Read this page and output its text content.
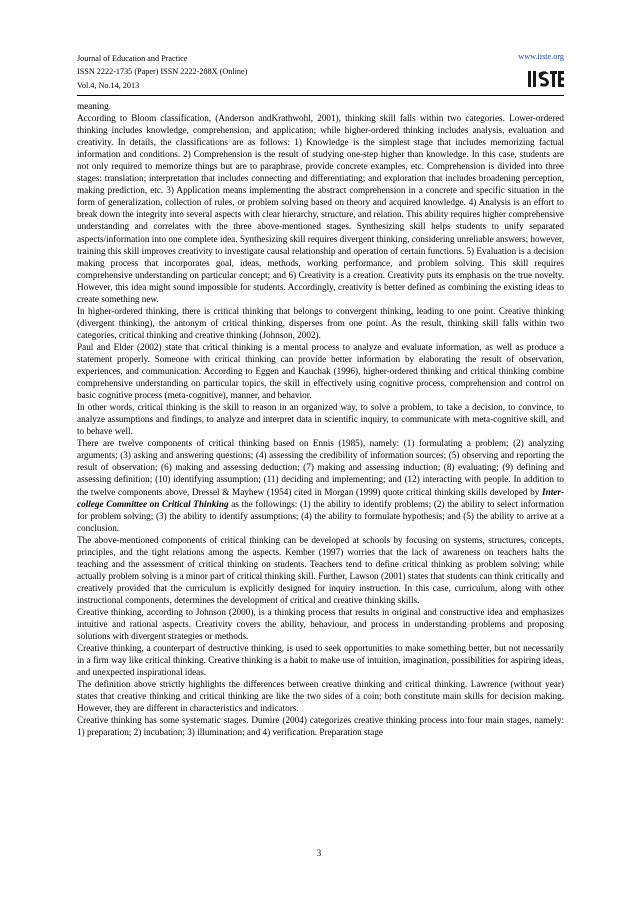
Journal of Education and Practice
ISSN 2222-1735 (Paper) ISSN 2222-288X (Online)
Vol.4, No.14, 2013
www.iiste.org

meaning.

According to Bloom classification, (Anderson andKrathwohl, 2001), thinking skill falls within two categories. Lower-ordered thinking includes knowledge, comprehension, and application; while higher-ordered thinking includes analysis, evaluation and creativity. In details, the classifications are as follows: 1) Knowledge is the simplest stage that includes memorizing factual information and conditions. 2) Comprehension is the result of studying one-step higher than knowledge. In this case, students are not only required to memorize things but are to paraphrase, provide concrete examples, etc. Comprehension is divided into three stages: translation; interpretation that includes connecting and differentiating; and exploration that includes broadening perception, making prediction, etc. 3) Application means implementing the abstract comprehension in a concrete and specific situation in the form of generalization, collection of rules, or problem solving based on theory and acquired knowledge. 4) Analysis is an effort to break down the integrity into several aspects with clear hierarchy, structure, and relation. This ability requires higher comprehensive understanding and correlates with the three above-mentioned stages. Synthesizing skill helps students to unify separated aspects/information into one complete idea. Synthesizing skill requires divergent thinking, considering unreliable answers; however, training this skill improves creativity to investigate causal relationship and operation of certain functions. 5) Evaluation is a decision making process that incorporates goal, ideas, methods, working performance, and problem solving. This skill requires comprehensive understanding on particular concept; and 6) Creativity is a creation. Creativity puts its emphasis on the true novelty. However, this idea might sound impossible for students. Accordingly, creativity is better defined as combining the existing ideas to create something new.

In higher-ordered thinking, there is critical thinking that belongs to convergent thinking, leading to one point. Creative thinking (divergent thinking), the antonym of critical thinking, disperses from one point. As the result, thinking skill falls within two categories, critical thinking and creative thinking (Johnson, 2002).

Paul and Elder (2002) state that critical thinking is a mental process to analyze and evaluate information, as well as produce a statement properly. Someone with critical thinking can provide better information by elaborating the result of observation, experiences, and communication. According to Eggen and Kauchak (1996), higher-ordered thinking and critical thinking combine comprehensive understanding on particular topics, the skill in effectively using cognitive process, comprehension and control on basic cognitive process (meta-cognitive), manner, and behavior.

In other words, critical thinking is the skill to reason in an organized way, to solve a problem, to take a decision, to convince, to analyze assumptions and findings, to analyze and interpret data in scientific inquiry, to communicate with meta-cognitive skill, and to behave well.

There are twelve components of critical thinking based on Ennis (1985), namely: (1) formulating a problem; (2) analyzing arguments; (3) asking and answering questions; (4) assessing the credibility of information sources; (5) observing and reporting the result of observation; (6) making and assessing deduction; (7) making and assessing induction; (8) evaluating; (9) defining and assessing definition; (10) identifying assumption; (11) deciding and implementing; and (12) interacting with people. In addition to the twelve components above, Dressel & Mayhew (1954) cited in Morgan (1999) quote critical thinking skills developed by Inter-college Committee on Critical Thinking as the followings: (1) the ability to identify problems; (2) the ability to select information for problem solving; (3) the ability to identify assumptions; (4) the ability to formulate hypothesis; and (5) the ability to arrive at a conclusion.

The above-mentioned components of critical thinking can be developed at schools by focusing on systems, structures, concepts, principles, and the tight relations among the aspects. Kember (1997) worries that the lack of awareness on teachers halts the teaching and the assessment of critical thinking on students. Teachers tend to define critical thinking as problem solving; while actually problem solving is a minor part of critical thinking skill. Further, Lawson (2001) states that students can think critically and creatively provided that the curriculum is explicitly designed for inquiry instruction. In this case, curriculum, along with other instructional components, determines the development of critical and creative thinking skills.

Creative thinking, according to Johnson (2000), is a thinking process that results in original and constructive idea and emphasizes intuitive and rational aspects. Creativity covers the ability, behaviour, and process in understanding problems and proposing solutions with divergent strategies or methods.

Creative thinking, a counterpart of destructive thinking, is used to seek opportunities to make something better, but not necessarily in a firm way like critical thinking. Creative thinking is a habit to make use of intuition, imagination, possibilities for aspiring ideas, and unexpected inspirational ideas.

The definition above strictly highlights the differences between creative thinking and critical thinking. Lawrence (without year) states that creative thinking and critical thinking are like the two sides of a coin; both constitute main skills for decision making. However, they are different in characteristics and indicators.

Creative thinking has some systematic stages. Dumire (2004) categorizes creative thinking process into four main stages, namely: 1) preparation; 2) incubation; 3) illumination; and 4) verification. Preparation stage

3
